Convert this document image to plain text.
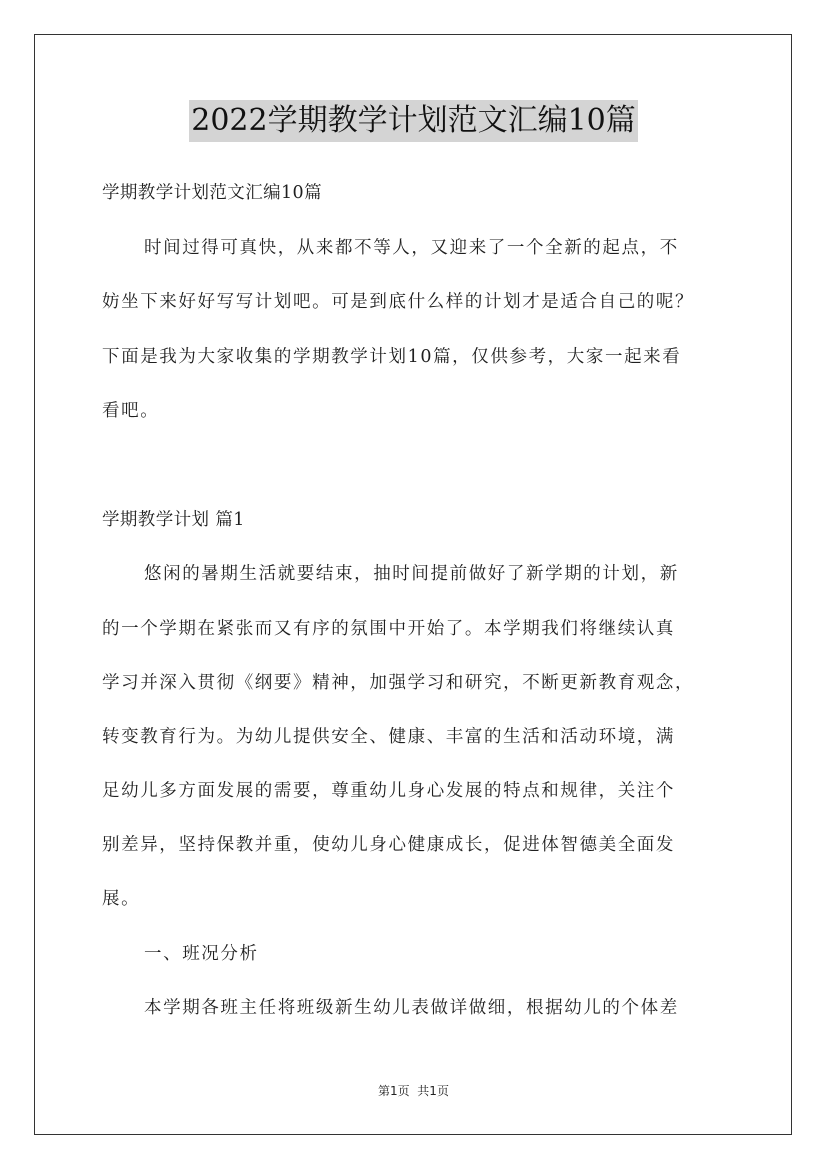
2022学期教学计划范文汇编10篇
学期教学计划范文汇编10篇
时间过得可真快，从来都不等人，又迎来了一个全新的起点，不
妨坐下来好好写写计划吧。可是到底什么样的计划才是适合自己的呢？
下面是我为大家收集的学期教学计划10篇，仅供参考，大家一起来看
看吧。
学期教学计划 篇1
悠闲的暑期生活就要结束，抽时间提前做好了新学期的计划，新
的一个学期在紧张而又有序的氛围中开始了。本学期我们将继续认真
学习并深入贯彻《纲要》精神，加强学习和研究，不断更新教育观念，
转变教育行为。为幼儿提供安全、健康、丰富的生活和活动环境，满
足幼儿多方面发展的需要，尊重幼儿身心发展的特点和规律，关注个
别差异，坚持保教并重，使幼儿身心健康成长，促进体智德美全面发
展。
一、班况分析
本学期各班主任将班级新生幼儿表做详做细，根据幼儿的个体差
第1页  共1页
